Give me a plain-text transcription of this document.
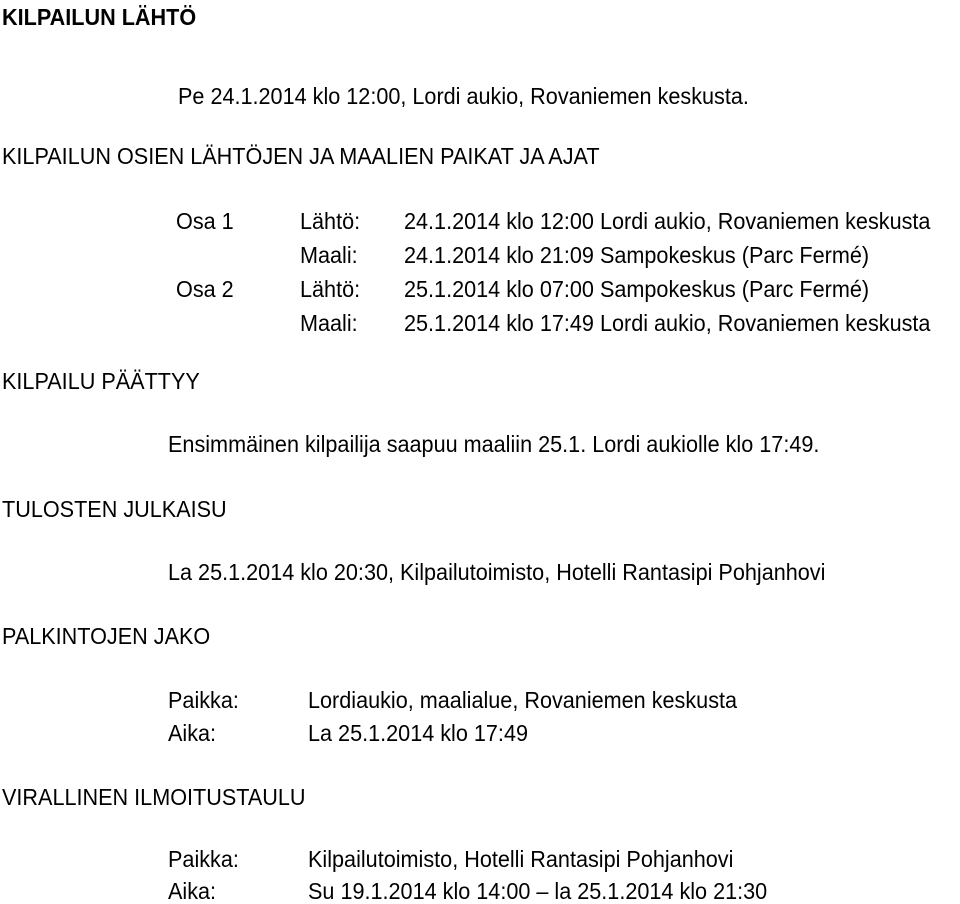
KILPAILUN LÄHTÖ
Pe 24.1.2014 klo 12:00, Lordi aukio, Rovaniemen keskusta.
KILPAILUN OSIEN LÄHTÖJEN JA MAALIEN PAIKAT JA AJAT
Osa 1	Lähtö: 24.1.2014 klo 12:00 Lordi aukio, Rovaniemen keskusta
Maali: 24.1.2014 klo 21:09 Sampokeskus (Parc Fermé)
Osa 2	Lähtö: 25.1.2014 klo 07:00 Sampokeskus (Parc Fermé)
Maali: 25.1.2014 klo 17:49 Lordi aukio, Rovaniemen keskusta
KILPAILU PÄÄTTYY
Ensimmäinen kilpailija saapuu maaliin 25.1. Lordi aukiolle klo 17:49.
TULOSTEN JULKAISU
La 25.1.2014 klo 20:30, Kilpailutoimisto, Hotelli Rantasipi Pohjanhovi
PALKINTOJEN JAKO
Paikka:	Lordiaukio, maalialue, Rovaniemen keskusta
Aika:	La 25.1.2014 klo 17:49
VIRALLINEN ILMOITUSTAULU
Paikka:	Kilpailutoimisto, Hotelli Rantasipi Pohjanhovi
Aika:	Su 19.1.2014 klo 14:00 – la 25.1.2014 klo 21:30
